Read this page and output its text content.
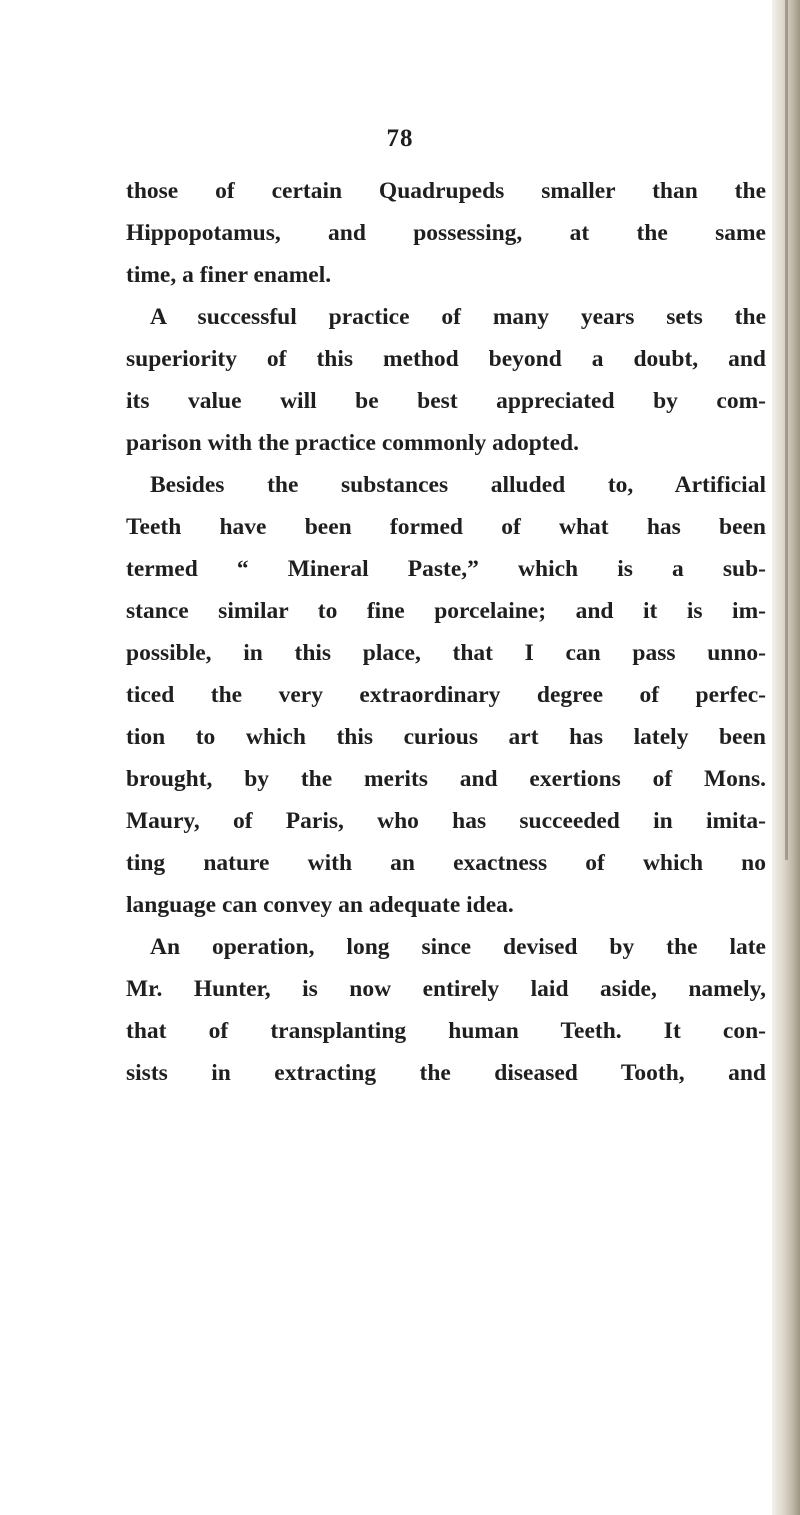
78
those of certain Quadrupeds smaller than the
Hippopotamus, and possessing, at the same
time, a finer enamel.
A successful practice of many years sets the
superiority of this method beyond a doubt, and
its value will be best appreciated by com-
parison with the practice commonly adopted.
Besides the substances alluded to, Artificial
Teeth have been formed of what has been
termed “ Mineral Paste,” which is a sub-
stance similar to fine porcelaine; and it is im-
possible, in this place, that I can pass unno-
ticed the very extraordinary degree of perfec-
tion to which this curious art has lately been
brought, by the merits and exertions of Mons.
Maury, of Paris, who has succeeded in imita-
ting nature with an exactness of which no
language can convey an adequate idea.
An operation, long since devised by the late
Mr. Hunter, is now entirely laid aside, namely,
that of transplanting human Teeth. It con-
sists in extracting the diseased Tooth, and
